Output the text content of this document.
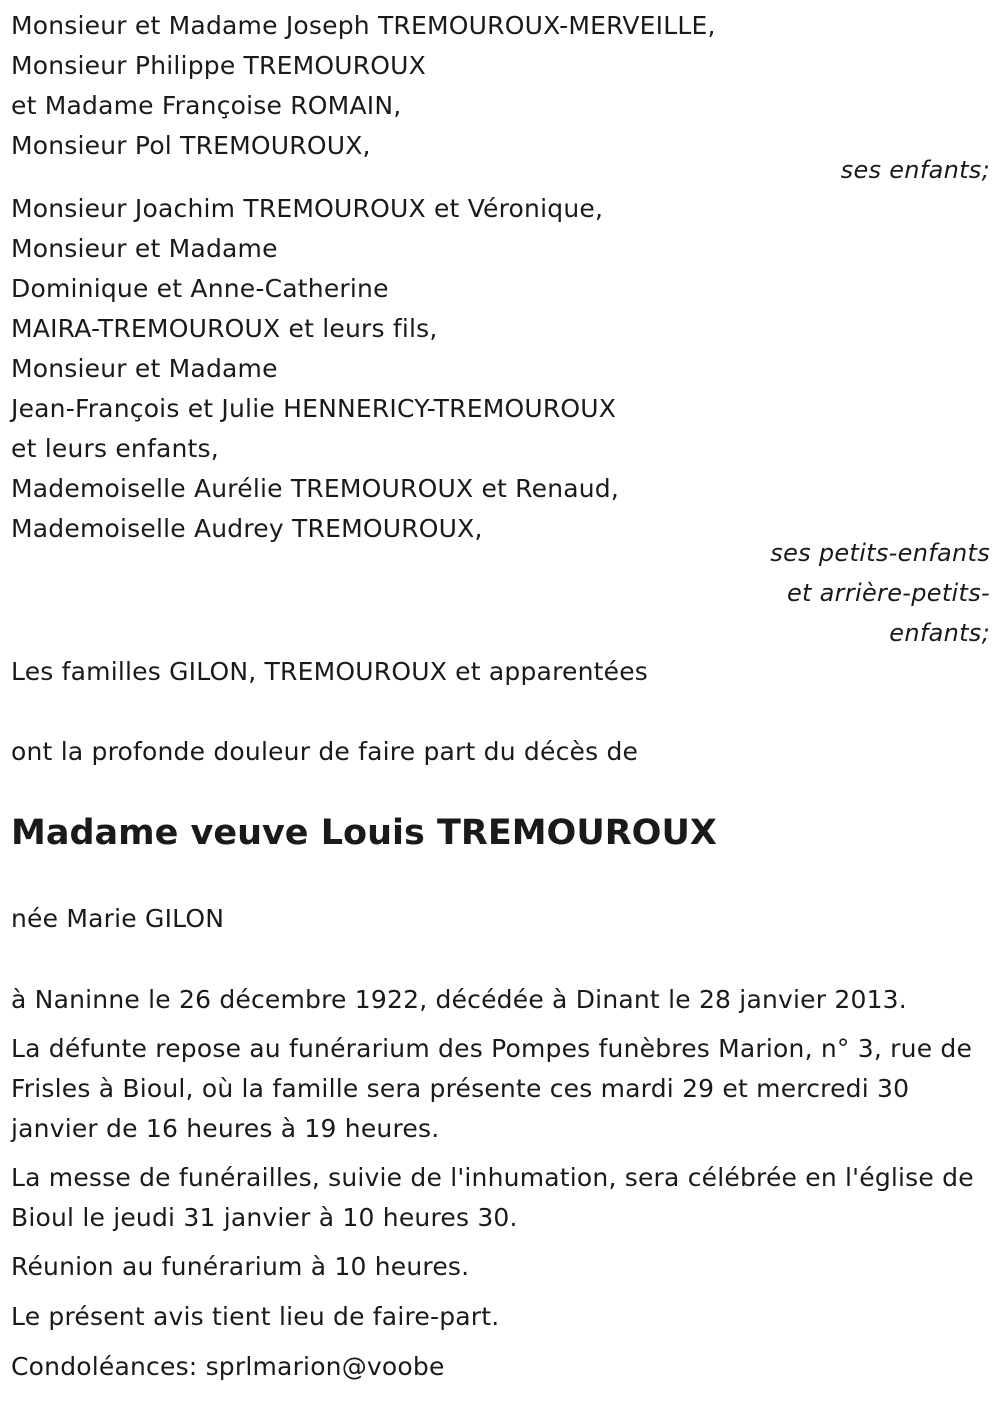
Monsieur et Madame Joseph TREMOUROUX-MERVEILLE,
Monsieur Philippe TREMOUROUX
et Madame Françoise ROMAIN,
Monsieur Pol TREMOUROUX,
ses enfants;
Monsieur Joachim TREMOUROUX et Véronique,
Monsieur et Madame
Dominique et Anne-Catherine
MAIRA-TREMOUROUX et leurs fils,
Monsieur et Madame
Jean-François et Julie HENNERICY-TREMOUROUX
et leurs enfants,
Mademoiselle Aurélie TREMOUROUX et Renaud,
Mademoiselle Audrey TREMOUROUX,
ses petits-enfants
et arrière-petits-
enfants;
Les familles GILON, TREMOUROUX et apparentées
ont la profonde douleur de faire part du décès de
Madame veuve Louis TREMOUROUX
née Marie GILON
à Naninne le 26 décembre 1922, décédée à Dinant le 28 janvier 2013.
La défunte repose au funérarium des Pompes funèbres Marion, n° 3, rue de Frisles à Bioul, où la famille sera présente ces mardi 29 et mercredi 30 janvier de 16 heures à 19 heures.
La messe de funérailles, suivie de l'inhumation, sera célébrée en l'église de Bioul le jeudi 31 janvier à 10 heures 30.
Réunion au funérarium à 10 heures.
Le présent avis tient lieu de faire-part.
Condoléances: sprlmarion@voobe
